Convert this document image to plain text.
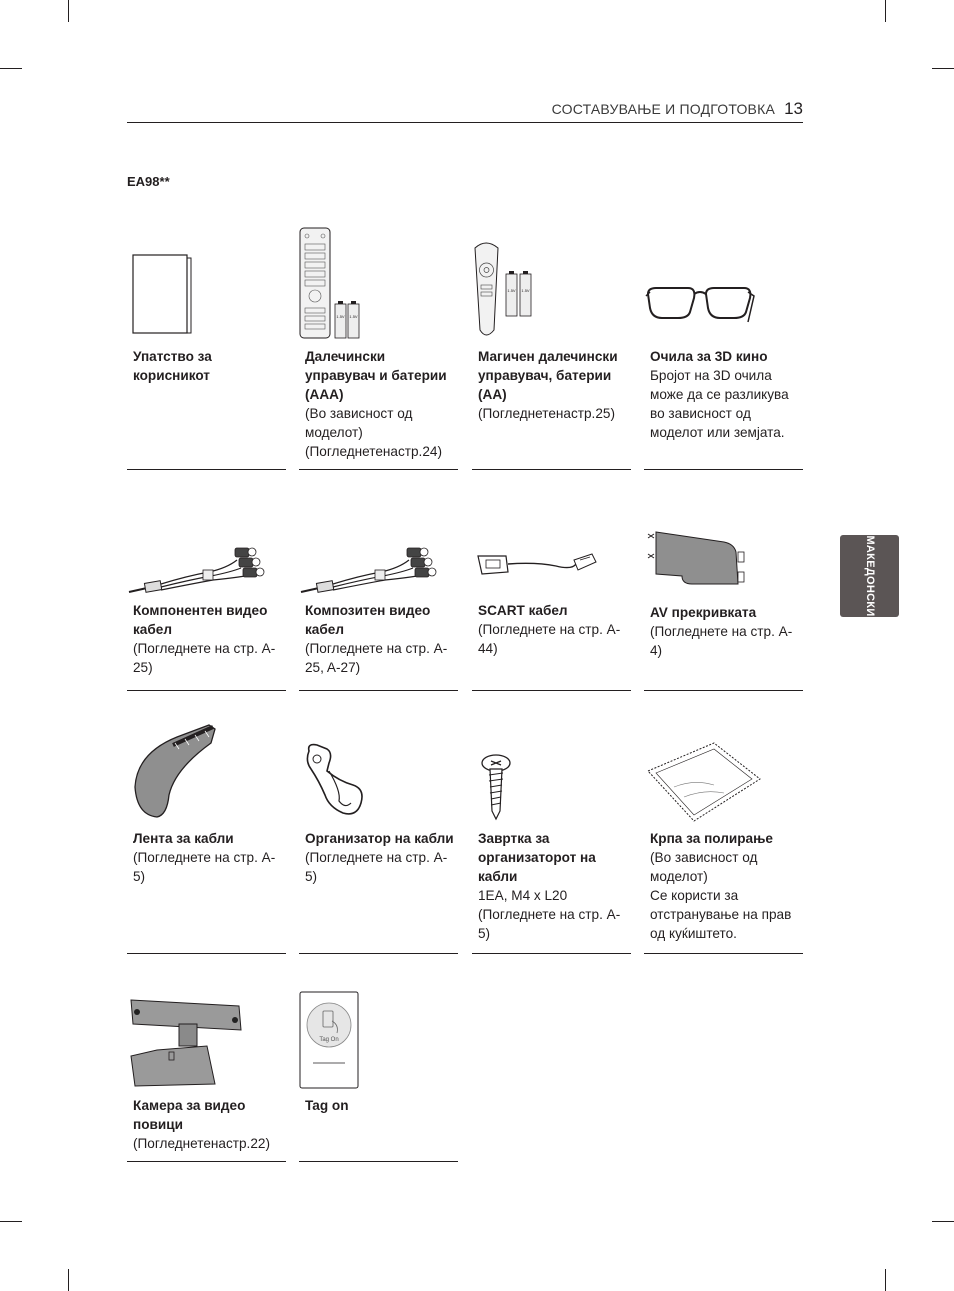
СОСТАВУВАЊЕ И ПОДГОТОВКА 13
EA98**
МАКЕДОНСКИ
Упатство за корисникот
1.5V 1.5V
Далечински управувач и батерии (AAA)
(Во зависност од моделот)
(Погледнетенастр.24)
1.5V 1.5V
Магичен далечински управувач, батерии (AA)
(Погледнетенастр.25)
Очила за 3D кино
Бројот на 3D очила може да се разликува во зависност од моделот или земјата.
Компонентен видео кабел
(Погледнете на стр. A-25)
Композитен видео кабел
(Погледнете на стр. A-25, A-27)
SCART кабел
(Погледнете на стр. A-44)
AV прекривката
(Погледнете на стр. A-4)
Лента за кабли
(Погледнете на стр. A-5)
Организатор на кабли
(Погледнете на стр. A-5)
Завртка за организаторот на кабли
1EA, M4 x L20
(Погледнете на стр. A-5)
Крпа за полирање
(Во зависност од моделот)
Се користи за отстранување на прав од куќиштето.
Камера за видео повици
(Погледнетенастр.22)
Tag On
Tag on
